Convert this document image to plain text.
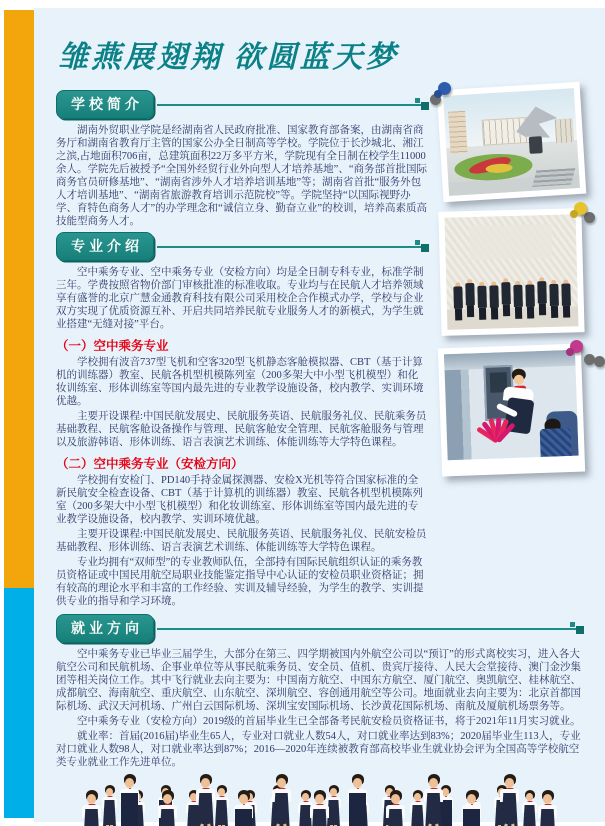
雏燕展翅翔 欲圆蓝天梦
学校简介

湖南外贸职业学院是经湖南省人民政府批准、国家教育部备案，由湖南省商务厅和湖南省教育厅主管的国家公办全日制高等学校。学院位于长沙城北、湘江之滨,占地面积706亩，总建筑面积22万多平方米，学院现有全日制在校学生11000余人。学院先后被授予“全国外经贸行业外向型人才培养基地”、“商务部首批国际商务官员研修基地”、“湖南省涉外人才培养培训基地”等；湖南省首批“服务外包人才培训基地”、“湖南省旅游教育培训示范院校”等。学院坚持“以国际视野办学、育特色商务人才”的办学理念和“诚信立身、勤奋立业”的校训，培养高素质高技能型商务人才。

专业介绍

空中乘务专业、空中乘务专业（安检方向）均是全日制专科专业，标准学制三年。学费按照省物价部门审核批准的标准收取。专业均与在民航人才培养领域享有盛誉的北京广慧金通教育科技有限公司采用校企合作模式办学，学校与企业双方实现了优质资源互补、开启共同培养民航专业服务人才的新模式，为学生就业搭建“无缝对接”平台。

（一）空中乘务专业

学校拥有波音737型飞机和空客320型飞机静态客舱模拟器、CBT（基于计算机的训练器）教室、民航各机型机模陈列室（200多架大中小型飞机模型）和化妆训练室、形体训练室等国内最先进的专业教学设施设备，校内教学、实训环境优越。

主要开设课程:中国民航发展史、民航服务英语、民航服务礼仪、民航乘务员基础教程、民航客舱设备操作与管理、民航客舱安全管理、民航客舱服务与管理以及旅游韩语、形体训练、语言表演艺术训练、体能训练等大学特色课程。

（二）空中乘务专业（安检方向）

学校拥有安检门、PD140手持金属探测器、安检X光机等符合国家标准的全新民航安全检查设备、CBT（基于计算机的训练器）教室、民航各机型机模陈列室（200多架大中小型飞机模型）和化妆训练室、形体训练室等国内最先进的专业教学设施设备，校内教学、实训环境优越。

主要开设课程:中国民航发展史、民航服务英语、民航服务礼仪、民航安检员基础教程、形体训练、语言表演艺术训练、体能训练等大学特色课程。

专业均拥有“双师型”的专业教师队伍，全部持有国际民航组织认证的乘务教员资格证或中国民用航空局职业技能鉴定指导中心认证的安检员职业资格证；拥有较高的理论水平和丰富的工作经验、实训及辅导经验，为学生的教学、实训提供专业的指导和学习环境。

就业方向

空中乘务专业已毕业三届学生，大部分在第三、四学期被国内外航空公司以“预订”的形式离校实习，进入各大航空公司和民航机场、企事业单位等从事民航乘务员、安全员、值机、贵宾厅接待、人民大会堂接待、澳门金沙集团等相关岗位工作。其中飞行就业去向主要为：中国南方航空、中国东方航空、厦门航空、奥凯航空、桂林航空、成都航空、海南航空、重庆航空、山东航空、深圳航空、容创通用航空等公司。地面就业去向主要为：北京首都国际机场、武汉天河机场、广州白云国际机场、深圳宝安国际机场、长沙黄花国际机场、南航及厦航机场票务等。

空中乘务专业（安检方向）2019级的首届毕业生已全部备考民航安检员资格证书，将于2021年11月实习就业。

就业率：首届(2016届)毕业生65人，专业对口就业人数54人，对口就业率达到83%；2020届毕业生113人，专业对口就业人数98人，对口就业率达到87%；2016—2020年连续被教育部高校毕业生就业协会评为全国高等学校航空类专业就业工作先进单位。
